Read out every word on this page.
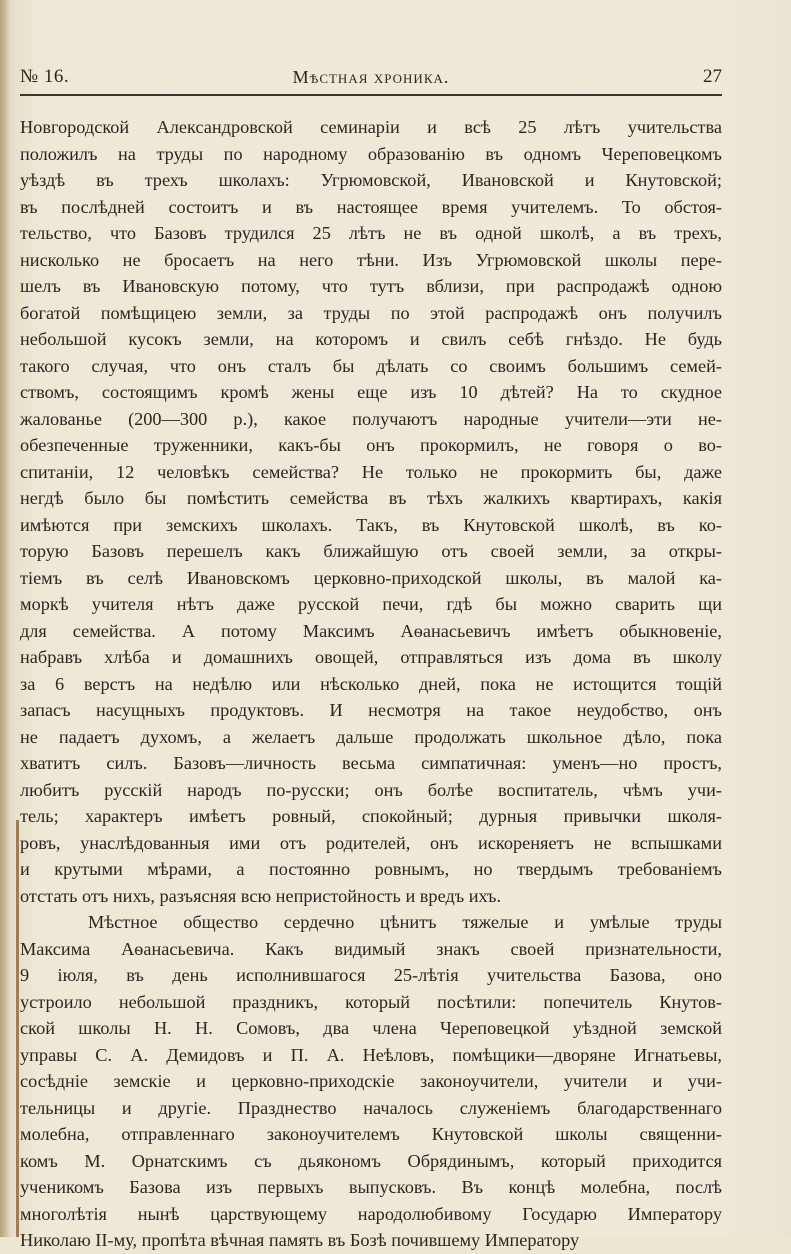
№ 16.	Мѣстная хроника.	27
Новгородской Александровской семинаріи и всѣ 25 лѣтъ учительства
положилъ на труды по народному образованію въ одномъ Череповецкомъ
уѣздѣ въ трехъ школахъ: Угрюмовской, Ивановской и Кнутовской;
въ послѣдней состоитъ и въ настоящее время учителемъ. То обстоя-
тельство, что Базовъ трудился 25 лѣтъ не въ одной школѣ, а въ трехъ,
нисколько не бросаетъ на него тѣни. Изъ Угрюмовской школы пере-
шелъ въ Ивановскую потому, что тутъ вблизи, при распродажѣ одною
богатой помѣщицею земли, за труды по этой распродажѣ онъ получилъ
небольшой кусокъ земли, на которомъ и свилъ себѣ гнѣздо. Не будь
такого случая, что онъ сталъ бы дѣлать со своимъ большимъ семей-
ствомъ, состоящимъ кромѣ жены еще изъ 10 дѣтей? На то скудное
жалованье (200—300 р.), какое получаютъ народные учители—эти не-
обезпеченные труженники, какъ-бы онъ прокормилъ, не говоря о во-
спитаніи, 12 человѣкъ семейства? Не только не прокормить бы, даже
негдѣ было бы помѣстить семейства въ тѣхъ жалкихъ квартирахъ, какія
имѣются при земскихъ школахъ. Такъ, въ Кнутовской школѣ, въ ко-
торую Базовъ перешелъ какъ ближайшую отъ своей земли, за откры-
тіемъ въ селѣ Ивановскомъ церковно-приходской школы, въ малой ка-
моркѣ учителя нѣтъ даже русской печи, гдѣ бы можно сварить щи
для семейства. А потому Максимъ Аѳанасьевичъ имѣетъ обыкновеніе,
набравъ хлѣба и домашнихъ овощей, отправляться изъ дома въ школу
за 6 верстъ на недѣлю или нѣсколько дней, пока не истощится тощій
запасъ насущныхъ продуктовъ. И несмотря на такое неудобство, онъ
не падаетъ духомъ, а желаетъ дальше продолжать школьное дѣло, пока
хватитъ силъ. Базовъ—личность весьма симпатичная: уменъ—но простъ,
любитъ русскій народъ по-русски; онъ болѣе воспитатель, чѣмъ учи-
тель; характеръ имѣетъ ровный, спокойный; дурныя привычки школя-
ровъ, унаслѣдованныя ими отъ родителей, онъ искореняетъ не вспышками
и крутыми мѣрами, а постоянно ровнымъ, но твердымъ требованіемъ
отстать отъ нихъ, разъясняя всю непристойность и вредъ ихъ.
Мѣстное общество сердечно цѣнитъ тяжелые и умѣлые труды
Максима Аѳанасьевича. Какъ видимый знакъ своей признательности,
9 іюля, въ день исполнившагося 25-лѣтія учительства Базова, оно
устроило небольшой праздникъ, который посѣтили: попечитель Кнутов-
ской школы Н. Н. Сомовъ, два члена Череповецкой уѣздной земской
управы С. А. Демидовъ и П. А. Неѣловъ, помѣщики—дворяне Игнатьевы,
сосѣдніе земскіе и церковно-приходскіе законоучители, учители и учи-
тельницы и другіе. Празднество началось служеніемъ благодарственнаго
молебна, отправленнаго законоучителемъ Кнутовской школы священни-
комъ М. Орнатскимъ съ дьякономъ Обрядинымъ, который приходится
ученикомъ Базова изъ первыхъ выпусковъ. Въ концѣ молебна, послѣ
многолѣтія нынѣ царствующему народолюбивому Государю Императору
Николаю II-му, пропѣта вѣчная память въ Бозѣ почившему Императору
